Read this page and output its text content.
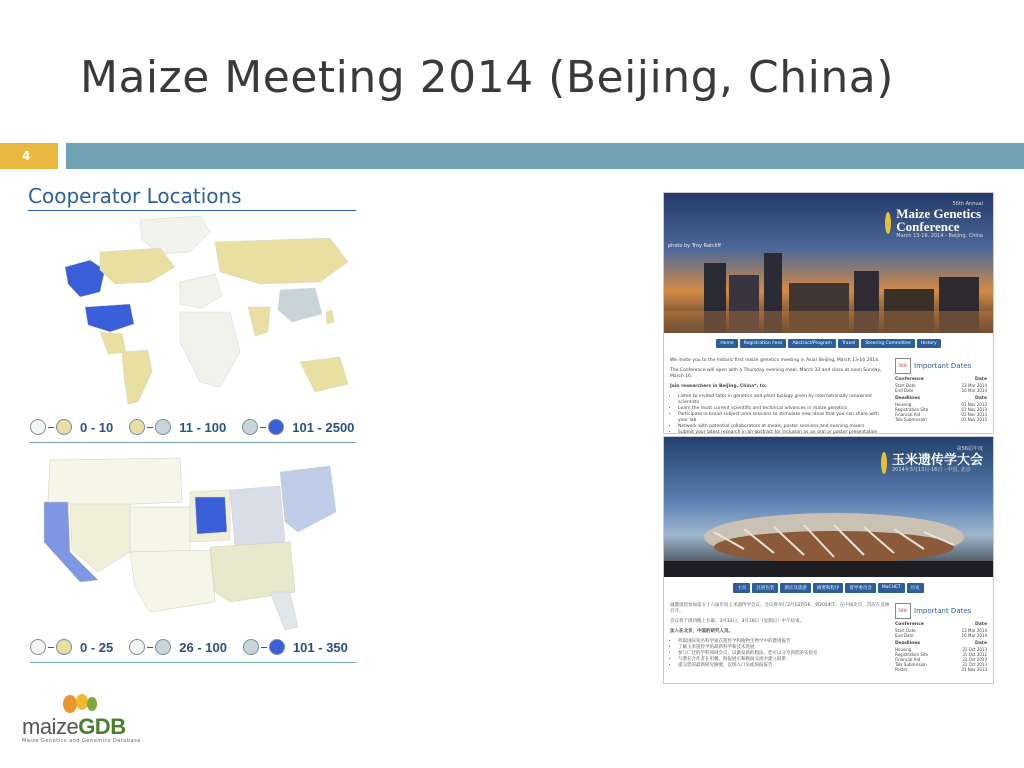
Maize Meeting 2014 (Beijing, China)
4
Cooperator Locations
0 - 10	11 - 100	101 - 2500
0 - 25	26 - 100	101 - 350
56th Annual
Maize Genetics
Conference
March 13-16, 2014 - Beijing, China
photo by Troy Ratcliff
Home	Registration Fees	Abstract/Program	Travel	Steering Committee	History

We invite you to the historic first maize genetics meeting in Asia! Beijing, March 13-16 2014.

The Conference will open with a Thursday evening meal, March 13 and close at noon Sunday, March 16.

Join researchers in Beijing, China*, to:

• Listen to invited talks in genetics and plant biology given by internationally renowned scientists
• Learn the most current scientific and technical advances in maize genetics
• Participate in broad subject area sessions to stimulate new ideas that you can share with your lab
• Network with potential collaborators at meals, poster sessions and evening mixers
• Submit your latest research in an abstract for inclusion as an oral or poster presentation

56th Important Dates
Conference	Date
Start Date	13 Mar 2014
End Date	16 Mar 2014
Deadlines	Date
Housing	01 Nov 2013
Registration Site	01 Nov 2013
Financial Aid	01 Nov 2013
Talk Submission	01 Nov 2013
第56届年度
玉米遗传学大会
2014年3月13日-16日 - 中国, 北京
主页	注册包装	酒店及旅游	摘要和程序	督导委员会	MaCHET	历史

诚邀请您参加第五十六届年度玉米遗传学会议。会议将举行3月13到16，到2014年，在中国北京，首次在亚洲召开。

会议将于周四晚上开幕，3月13日，3月16日（星期日）中午结束。

加入在北京，中国的研究人员。

• 听取国际知名科学家在遗传学和植物生物学中的邀请报告
• 了解玉米遗传学的最新科学和技术进展
• 参与广泛的学科领域会议，以激发新的想法，您可以分享到您的实验室
• 与潜在合作者在用餐、海报展示和晚间交流中建立联系
• 提交您的最新研究摘要，以纳入口头或海报报告
56th Important Dates
Conference	Date
Start Date	13 Mar 2014
End Date	16 Mar 2014
Deadlines	Date
Housing	31 Oct 2013
Registration Site	31 Oct 2012
Financial Aid	31 Oct 2013
Talk Submission	31 Oct 2013
Poster	31 Nov 2013
maizeGDB
Maize Genetics and Genomics Database
